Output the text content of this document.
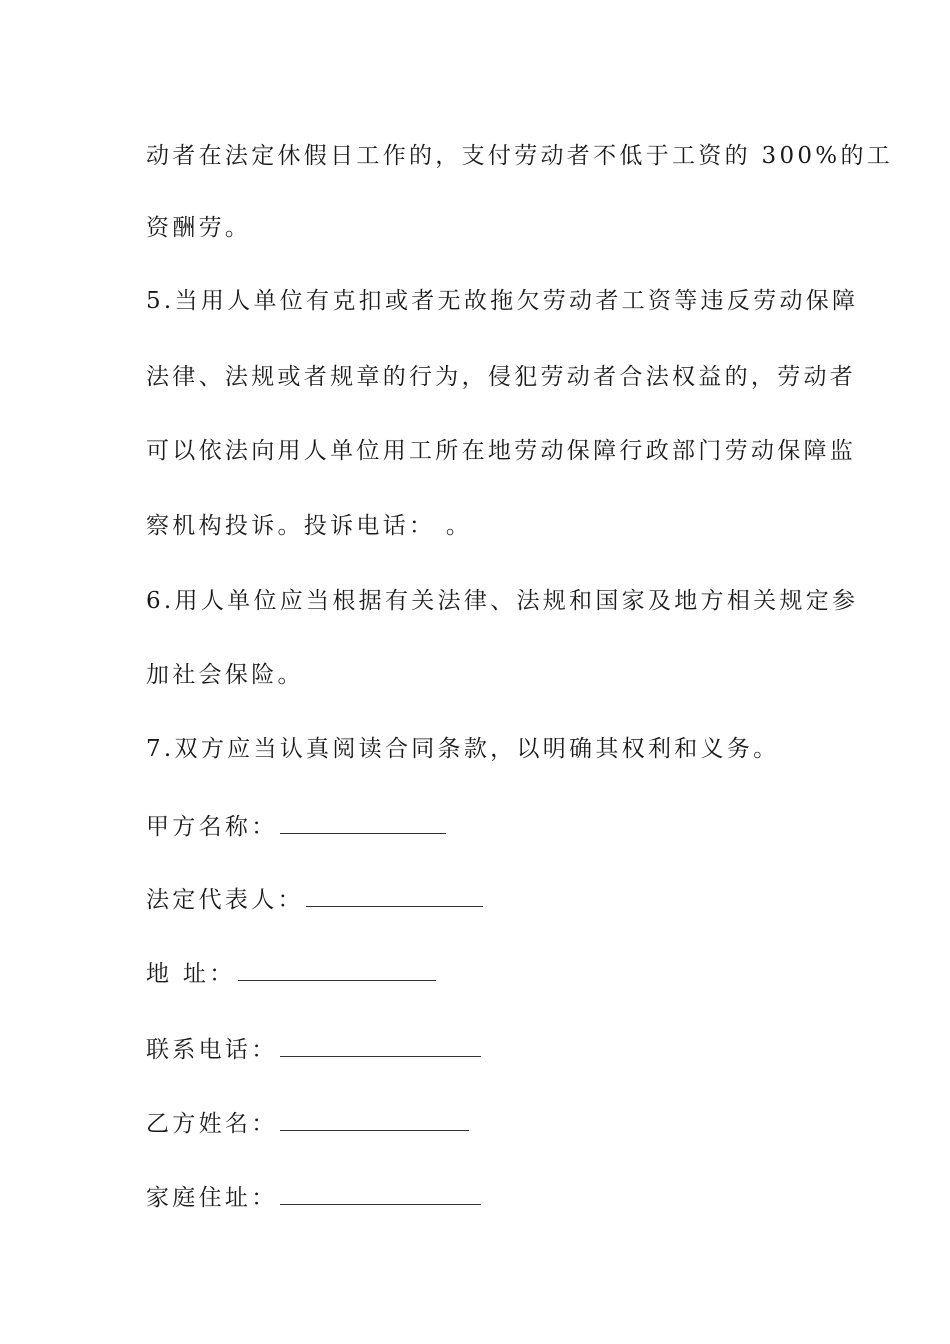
动者在法定休假日工作的，支付劳动者不低于工资的 300%的工
资酬劳。
5.当用人单位有克扣或者无故拖欠劳动者工资等违反劳动保障
法律、法规或者规章的行为，侵犯劳动者合法权益的，劳动者
可以依法向用人单位用工所在地劳动保障行政部门劳动保障监
察机构投诉。投诉电话： 。
6.用人单位应当根据有关法律、法规和国家及地方相关规定参
加社会保险。
7.双方应当认真阅读合同条款，以明确其权利和义务。
甲方名称：
法定代表人：
地 址：
联系电话：
乙方姓名：
家庭住址：
